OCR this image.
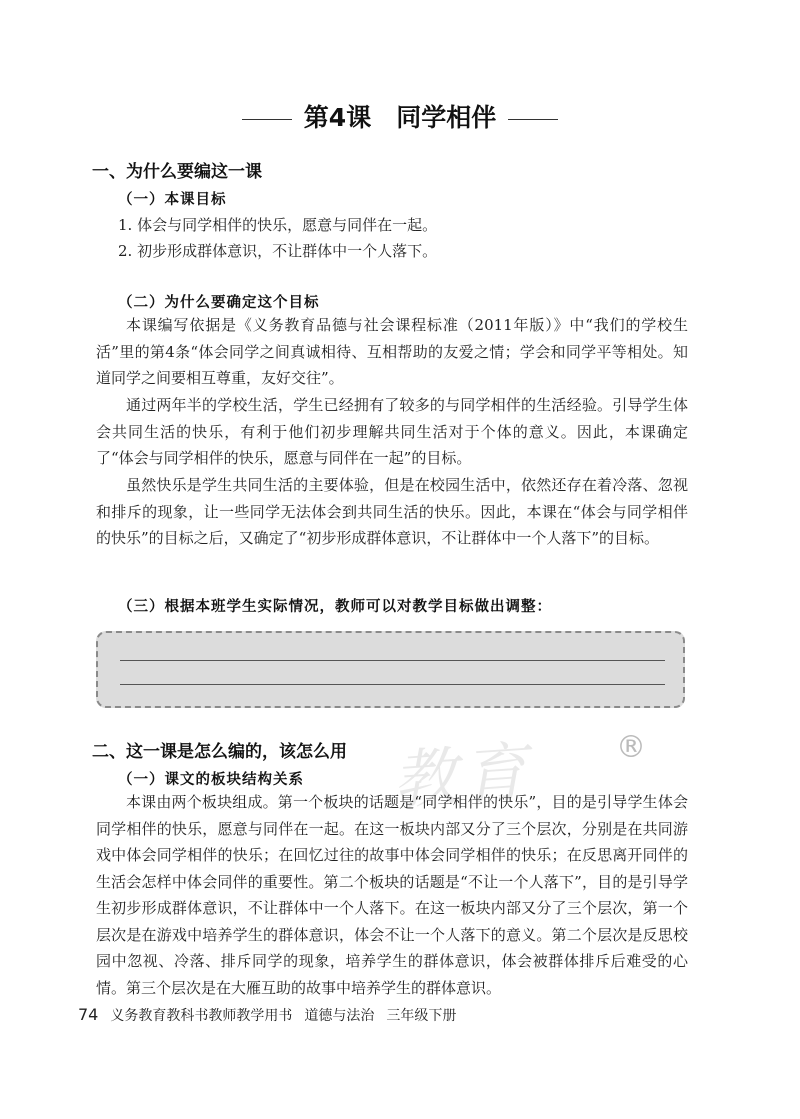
第4课　同学相伴
一、为什么要编这一课
（一）本课目标
1. 体会与同学相伴的快乐，愿意与同伴在一起。
2. 初步形成群体意识，不让群体中一个人落下。
（二）为什么要确定这个目标

本课编写依据是《义务教育品德与社会课程标准（2011年版）》中“我们的学校生活”里的第4条“体会同学之间真诚相待、互相帮助的友爱之情；学会和同学平等相处。知道同学之间要相互尊重，友好交往”。

通过两年半的学校生活，学生已经拥有了较多的与同学相伴的生活经验。引导学生体会共同生活的快乐，有利于他们初步理解共同生活对于个体的意义。因此，本课确定了“体会与同学相伴的快乐，愿意与同伴在一起”的目标。

虽然快乐是学生共同生活的主要体验，但是在校园生活中，依然还存在着冷落、忽视和排斥的现象，让一些同学无法体会到共同生活的快乐。因此，本课在“体会与同学相伴的快乐”的目标之后，又确定了“初步形成群体意识，不让群体中一个人落下”的目标。

（三）根据本班学生实际情况，教师可以对教学目标做出调整：
教育	®
二、这一课是怎么编的，该怎么用
（一）课文的板块结构关系

本课由两个板块组成。第一个板块的话题是“同学相伴的快乐”，目的是引导学生体会同学相伴的快乐，愿意与同伴在一起。在这一板块内部又分了三个层次，分别是在共同游戏中体会同学相伴的快乐；在回忆过往的故事中体会同学相伴的快乐；在反思离开同伴的生活会怎样中体会同伴的重要性。第二个板块的话题是“不让一个人落下”，目的是引导学生初步形成群体意识，不让群体中一个人落下。在这一板块内部又分了三个层次，第一个层次是在游戏中培养学生的群体意识，体会不让一个人落下的意义。第二个层次是反思校园中忽视、冷落、排斥同学的现象，培养学生的群体意识，体会被群体排斥后难受的心情。第三个层次是在大雁互助的故事中培养学生的群体意识。

74 义务教育教科书教师教学用书 道德与法治 三年级下册
